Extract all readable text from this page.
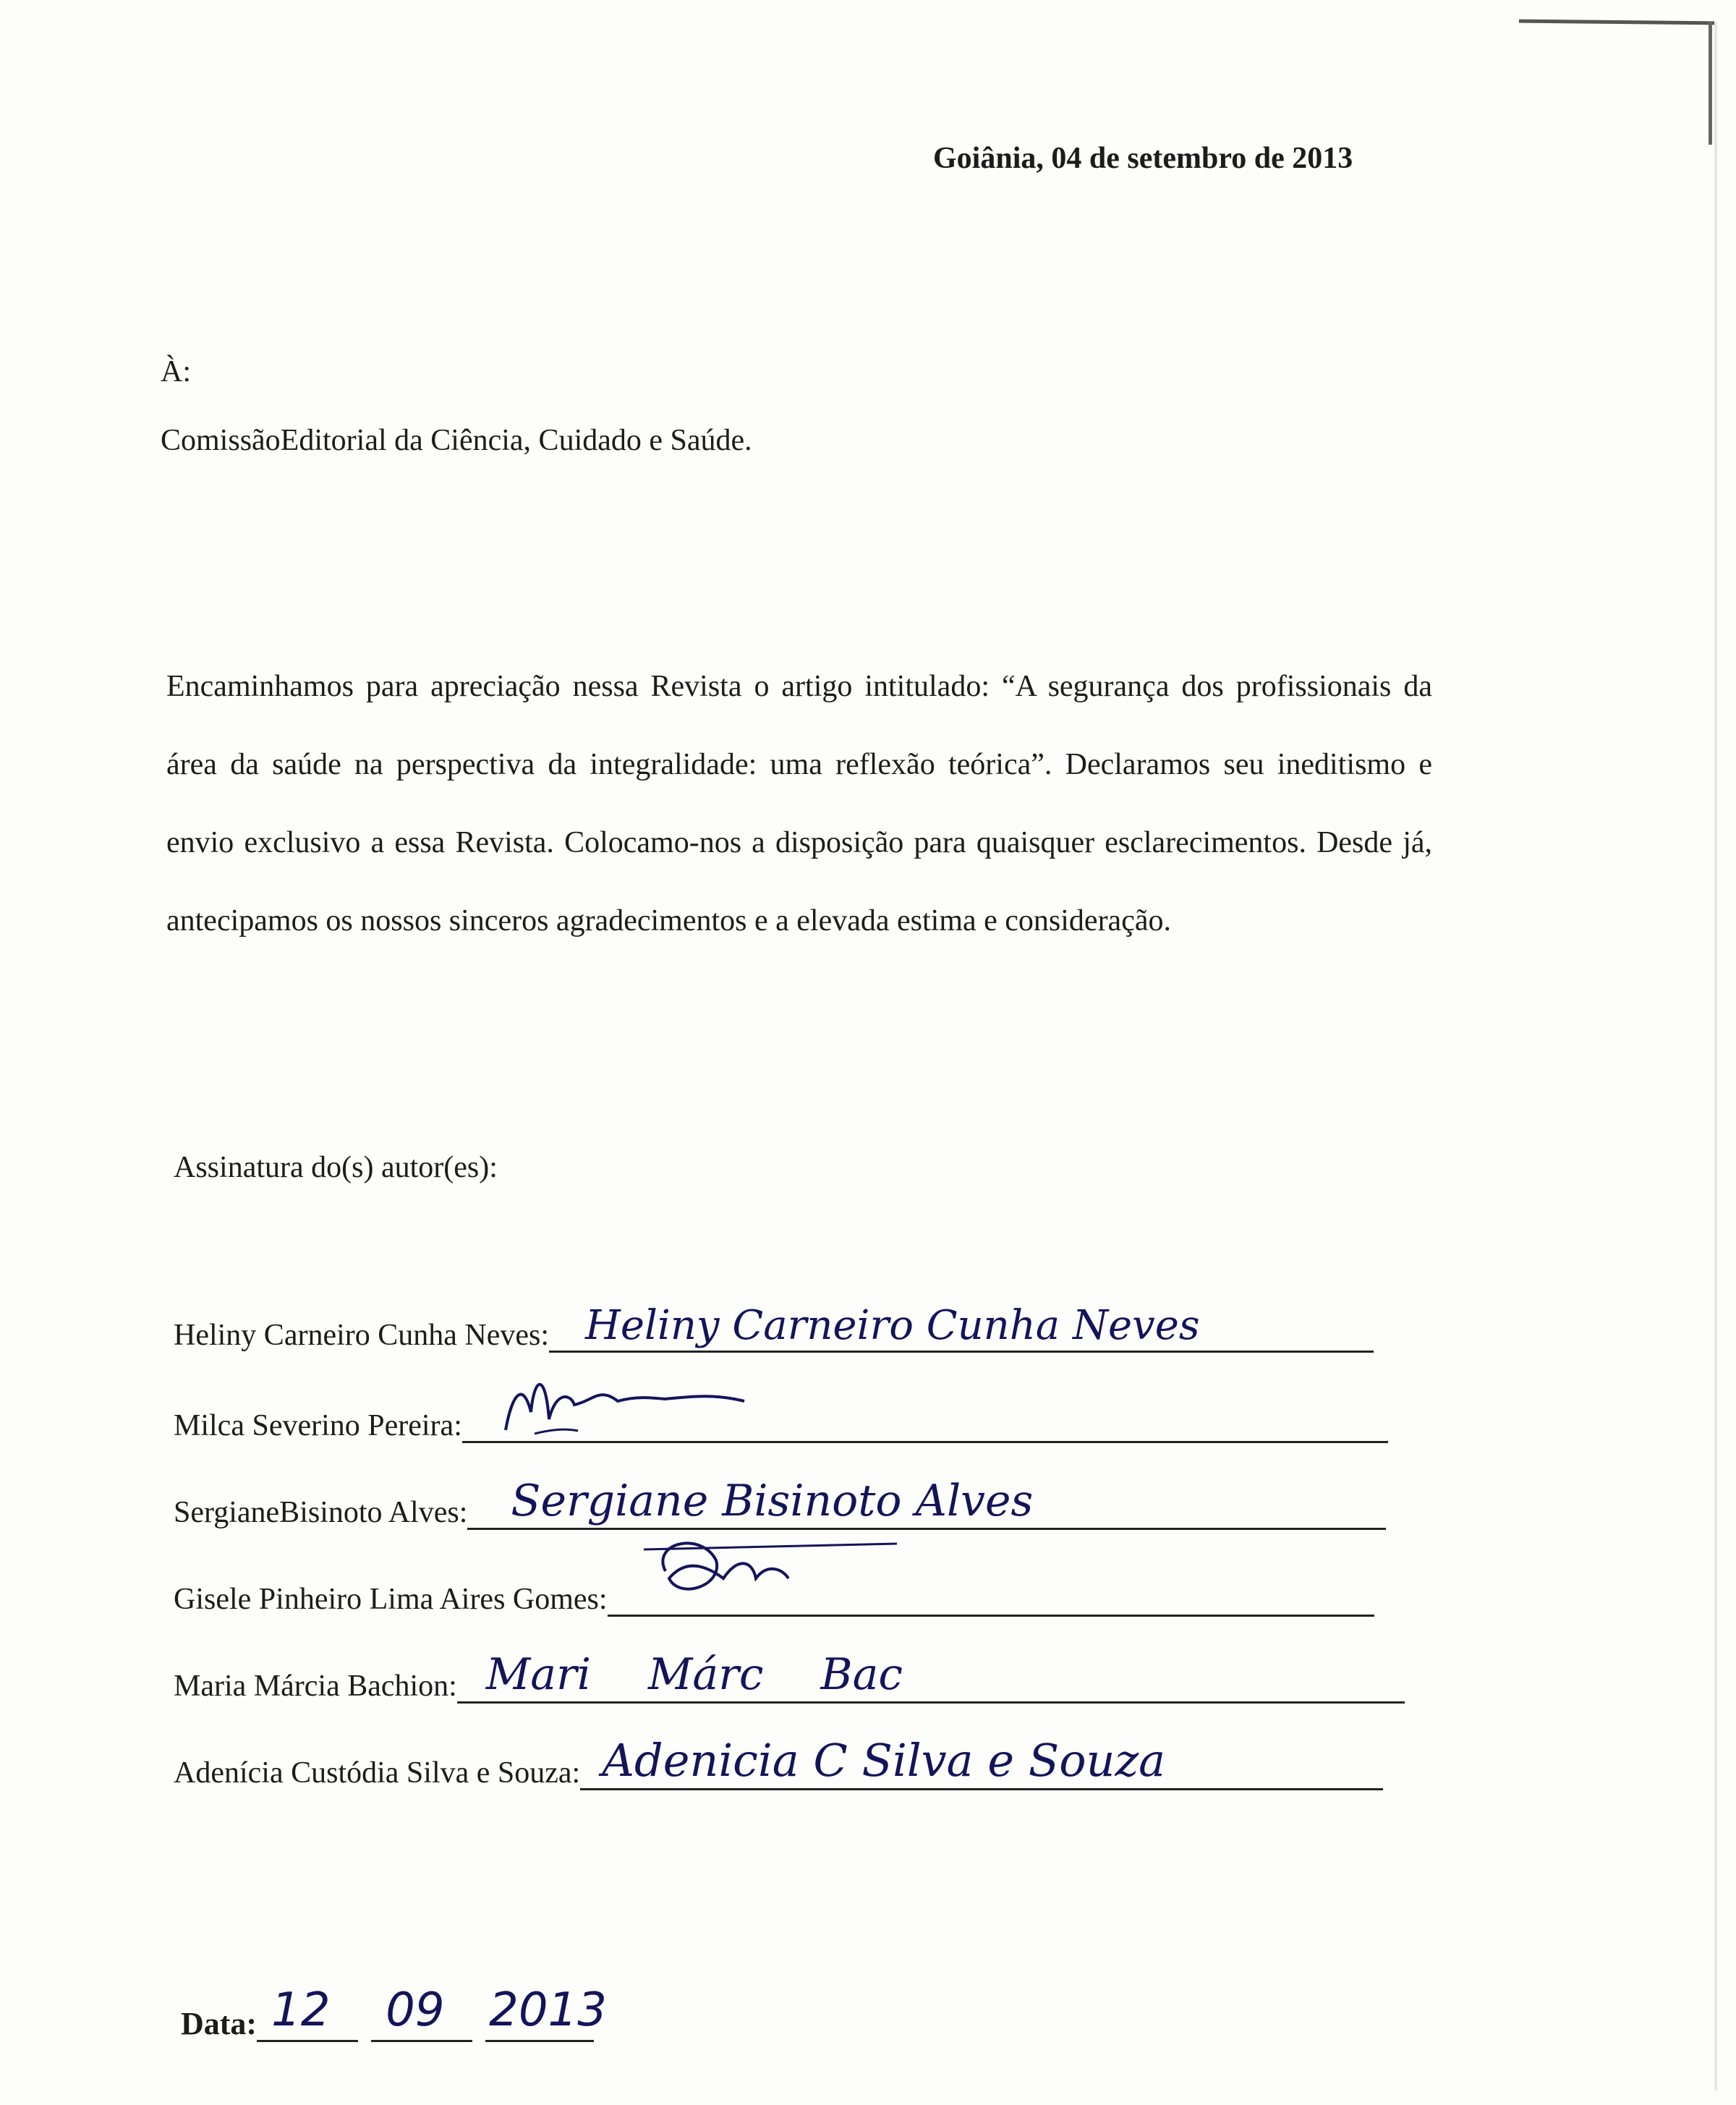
Goiânia, 04 de setembro de 2013
À:
ComissãoEditorial da Ciência, Cuidado e Saúde.

Encaminhamos para apreciação nessa Revista o artigo intitulado: “A segurança dos profissionais da área da saúde na perspectiva da integralidade: uma reflexão teórica”. Declaramos seu ineditismo e envio exclusivo a essa Revista. Colocamo-nos a disposição para quaisquer esclarecimentos. Desde já, antecipamos os nossos sinceros agradecimentos e a elevada estima e consideração.

Assinatura do(s) autor(es):
Heliny Carneiro Cunha Neves: Heliny Carneiro Cunha Neves
Milca Severino Pereira:
SergianeBisinoto Alves: Sergiane Bisinoto Alves
Gisele Pinheiro Lima Aires Gomes:
Maria Márcia Bachion: Mari Márc Bac
Adenícia Custódia Silva e Souza: Adenicia C Silva e Souza
Data: 12 09 2013
